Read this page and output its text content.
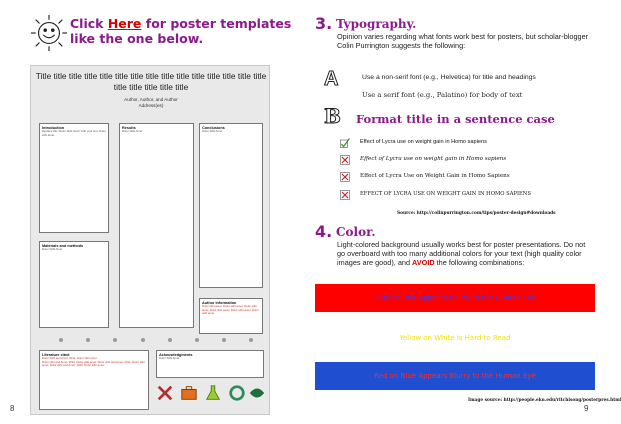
Click Here for poster templates like the one below.
Title title title title title title title title title title title title title title title title title title title title
Author, Author, and Author
Address(es)
Introduction
Replace this "Dolor Sitht Amet" with your text. Dolor sitht amet.
Results
Dolor Sitht Amet
Conclusions
Dolor Sitht Amet
Materials and methods
Dolor Sitht Amet
Author information
Dolor sitht amet. Dolor sitht amet. Dolor sitht amet. Dolor sitht amet. Dolor sitht amet. Dolor sitht amet.
Literature cited
Dolor Sitht and Amet. 2012. Dolor sitht amet.
Dolor sitht and Amet. 2012. Dolor sitht amet. Dolor sitht and Amet. 2012. Dolor sitht amet. Dolor sitht and Amet. 2012. Dolor sitht amet.
Acknowledgments
Dolor Sitht Amet
8
3. Typography.
Opinion varies regarding what fonts work best for posters, but scholar-blogger Colin Purrington suggests the following:
A	Use a non-serif font (e.g., Helvetica) for title and headings
Use a serif font (e.g., Palatino) for body of text
B Format title in a sentence case
Effect of Lycra use on weight gain in Homo sapiens
Effect of Lycra use on weight gain in Homo sapiens
Effect of Lycra Use on Weight Gain in Homo Sapiens
EFFECT OF LYCRA USE ON WEIGHT GAIN IN HOMO SAPIENS
Source: http://colinpurrington.com/tips/poster-design#downloads
4. Color.
Light-colored background usually works best for poster presentations. Do not go overboard with too many additional colors for your text (high quality color images are good), and AVOID the following combinations:
Blue on Red Appears Blurry to the Human Eye
Yellow on White is Hard to Read
Red on Blue Appears Blurry to the Human Eye
Image source: http://people.eku.edu/ritchisong/posterpres.html
9
